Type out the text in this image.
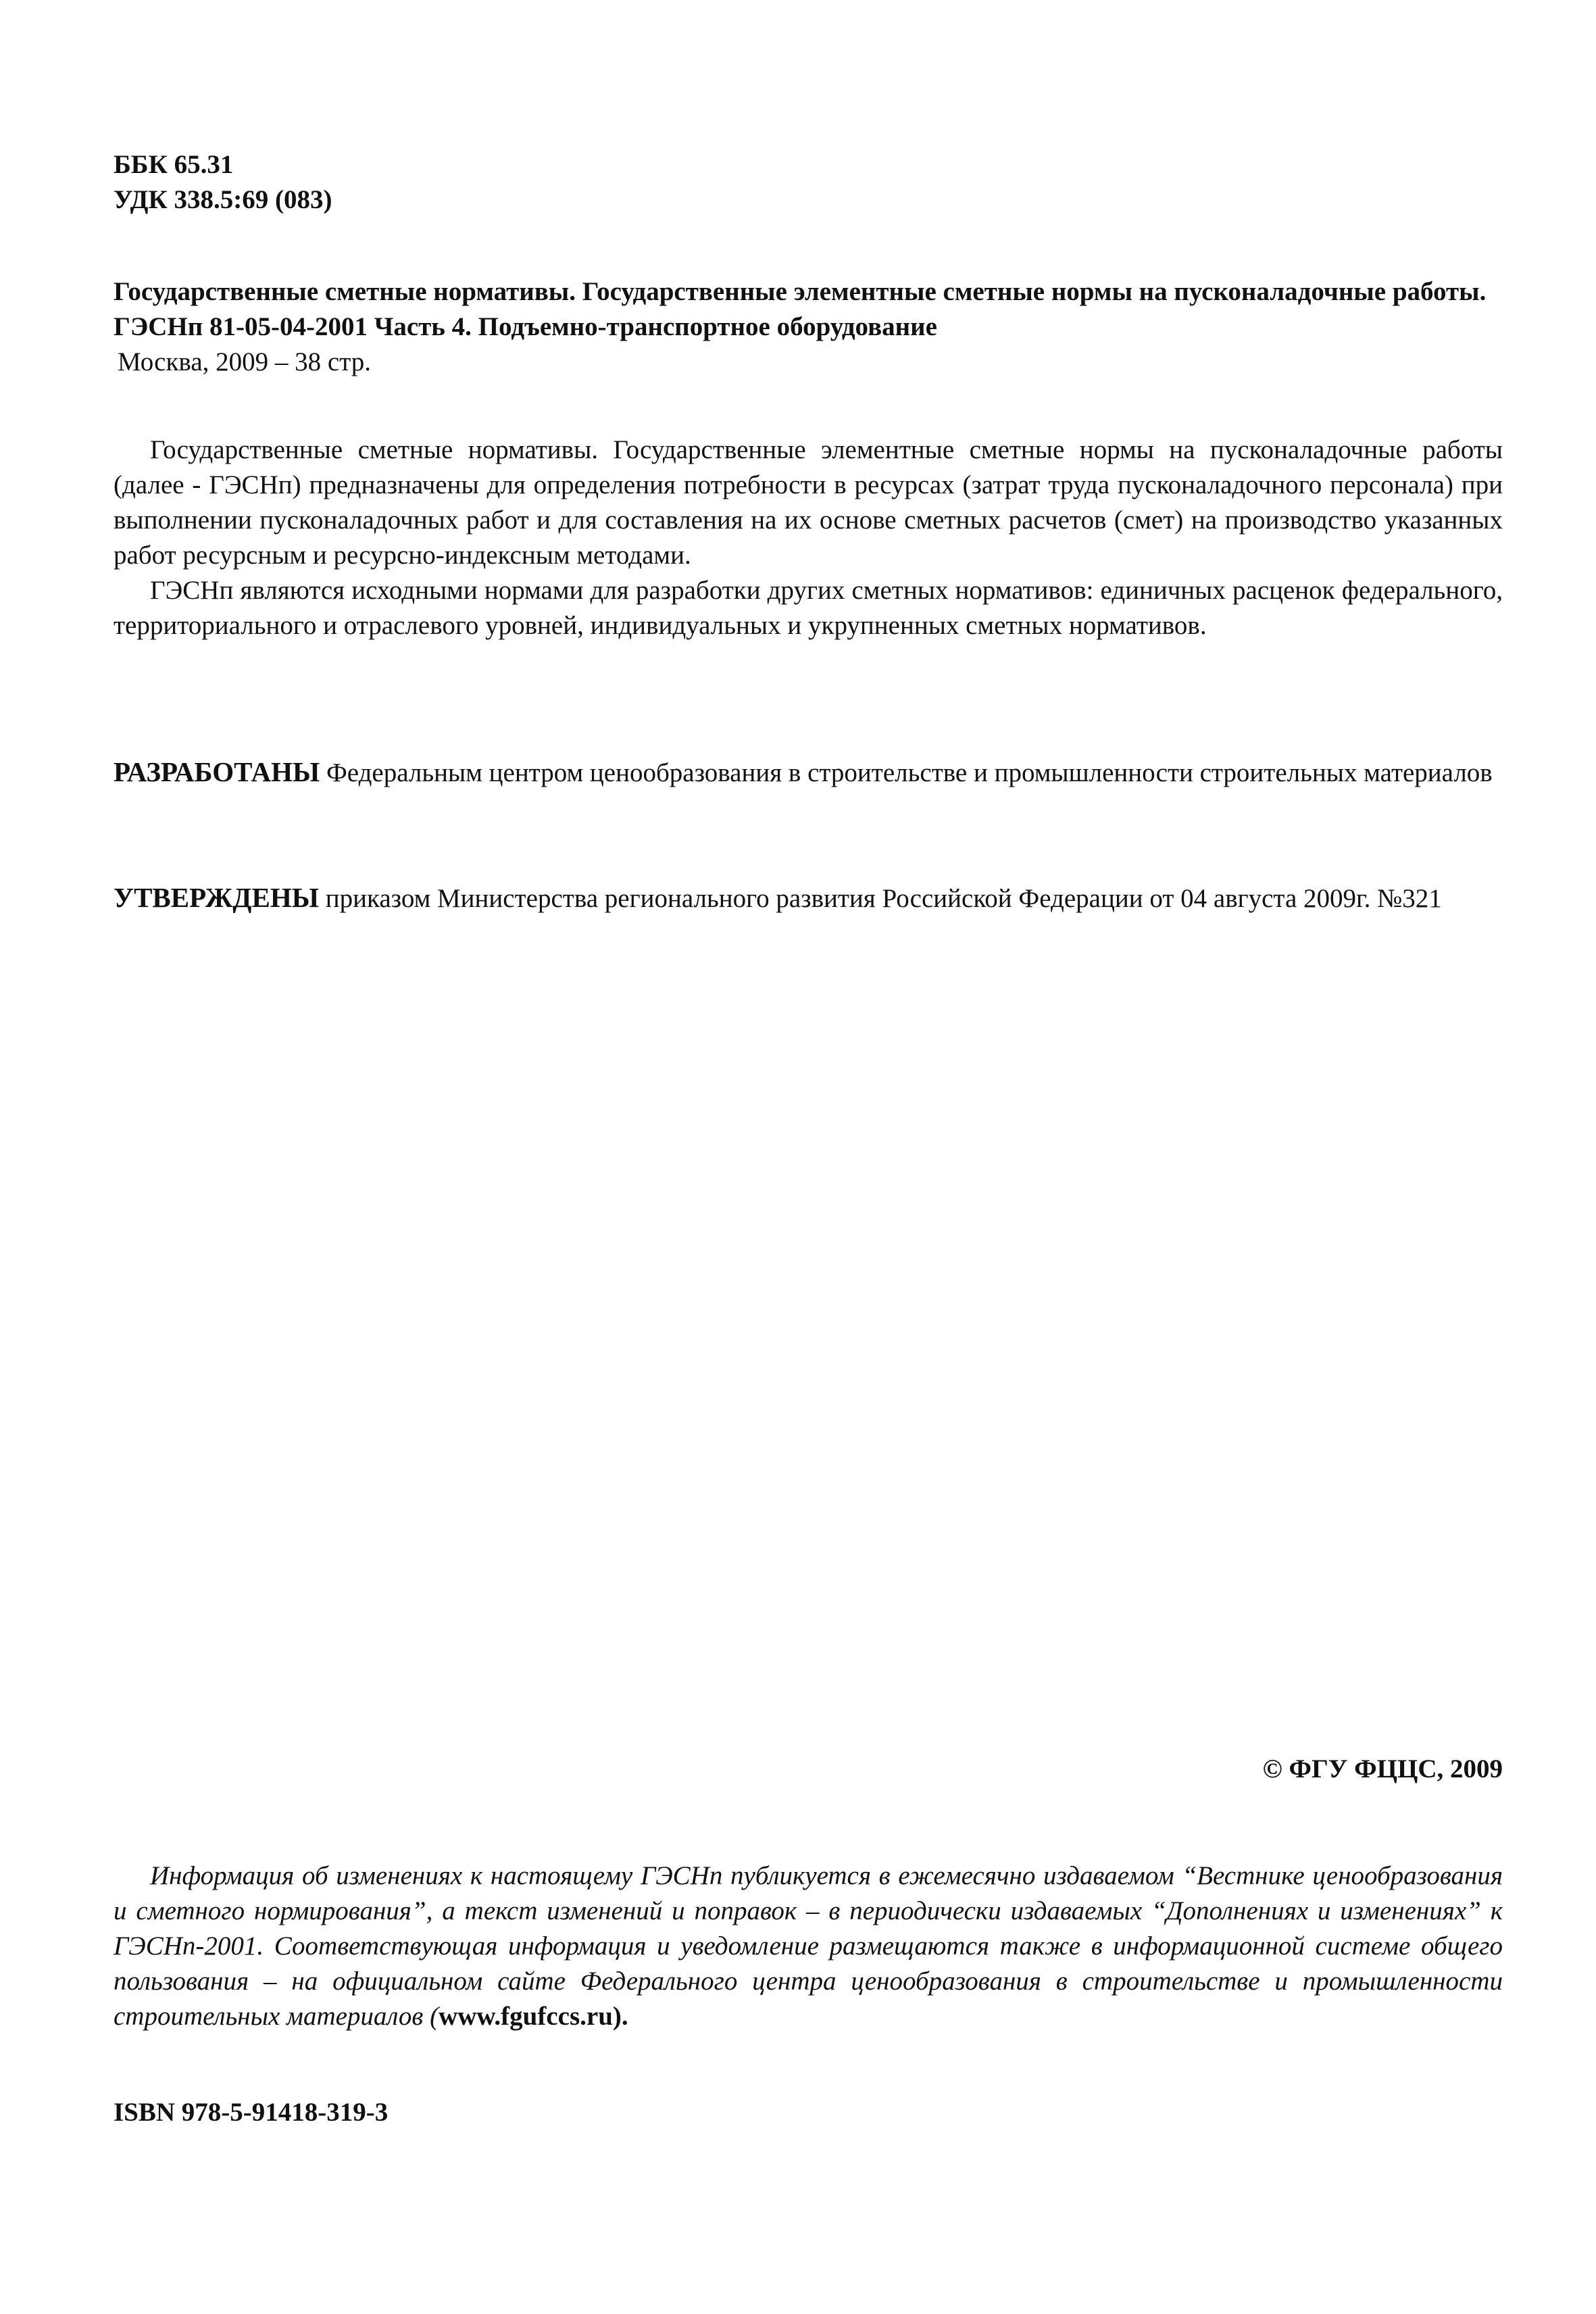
ББК 65.31
УДК 338.5:69 (083)
Государственные сметные нормативы. Государственные элементные сметные нормы на пусконаладочные работы.
ГЭСНп 81-05-04-2001 Часть 4. Подъемно-транспортное оборудование
Москва, 2009 – 38 стр.

Государственные сметные нормативы. Государственные элементные сметные нормы на пусконаладочные работы (далее - ГЭСНп) предназначены для определения потребности в ресурсах (затрат труда пусконаладочного персонала) при выполнении пусконаладочных работ и для составления на их основе сметных расчетов (смет) на производство указанных работ ресурсным и ресурсно-индексным методами.

ГЭСНп являются исходными нормами для разработки других сметных нормативов: единичных расценок федерального, территориального и отраслевого уровней, индивидуальных и укрупненных сметных нормативов.

РАЗРАБОТАНЫ Федеральным центром ценообразования в строительстве и промышленности строительных материалов
УТВЕРЖДЕНЫ приказом Министерства регионального развития Российской Федерации от 04 августа 2009г. №321
© ФГУ ФЦЦС, 2009

Информация об изменениях к настоящему ГЭСНп публикуется в ежемесячно издаваемом “Вестнике ценообразования и сметного нормирования”, а текст изменений и поправок – в периодически издаваемых “Дополнениях и изменениях” к ГЭСНп-2001. Соответствующая информация и уведомление размещаются также в информационной системе общего пользования – на официальном сайте Федерального центра ценообразования в строительстве и промышленности строительных материалов (www.fgufccs.ru).

ISBN 978-5-91418-319-3
